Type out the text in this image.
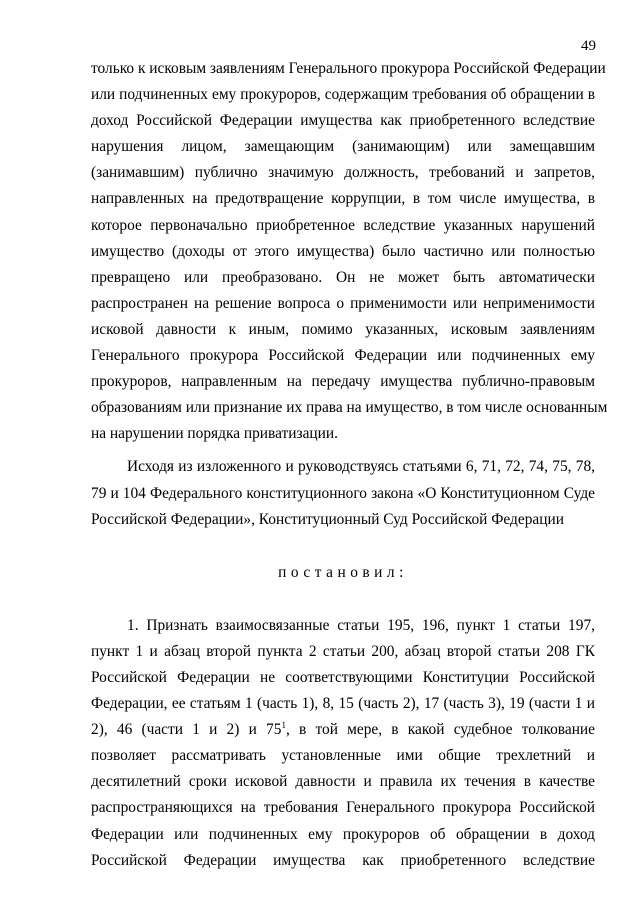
49
только к исковым заявлениям Генерального прокурора Российской Федерации
или подчиненных ему прокуроров, содержащим требования об обращении в
доход Российской Федерации имущества как приобретенного вследствие
нарушения лицом, замещающим (занимающим) или замещавшим
(занимавшим) публично значимую должность, требований и запретов,
направленных на предотвращение коррупции, в том числе имущества, в
которое первоначально приобретенное вследствие указанных нарушений
имущество (доходы от этого имущества) было частично или полностью
превращено или преобразовано. Он не может быть автоматически
распространен на решение вопроса о применимости или неприменимости
исковой давности к иным, помимо указанных, исковым заявлениям
Генерального прокурора Российской Федерации или подчиненных ему
прокуроров, направленным на передачу имущества публично-правовым
образованиям или признание их права на имущество, в том числе основанным
на нарушении порядка приватизации.
Исходя из изложенного и руководствуясь статьями 6, 71, 72, 74, 75, 78,
79 и 104 Федерального конституционного закона «О Конституционном Суде
Российской Федерации», Конституционный Суд Российской Федерации
постановил:
1. Признать взаимосвязанные статьи 195, 196, пункт 1 статьи 197,
пункт 1 и абзац второй пункта 2 статьи 200, абзац второй статьи 208 ГК
Российской Федерации не соответствующими Конституции Российской
Федерации, ее статьям 1 (часть 1), 8, 15 (часть 2), 17 (часть 3), 19 (части 1 и
2), 46 (части 1 и 2) и $75^1$, в той мере, в какой судебное толкование
позволяет рассматривать установленные ими общие трехлетний и
десятилетний сроки исковой давности и правила их течения в качестве
распространяющихся на требования Генерального прокурора Российской
Федерации или подчиненных ему прокуроров об обращении в доход
Российской Федерации имущества как приобретенного вследствие
